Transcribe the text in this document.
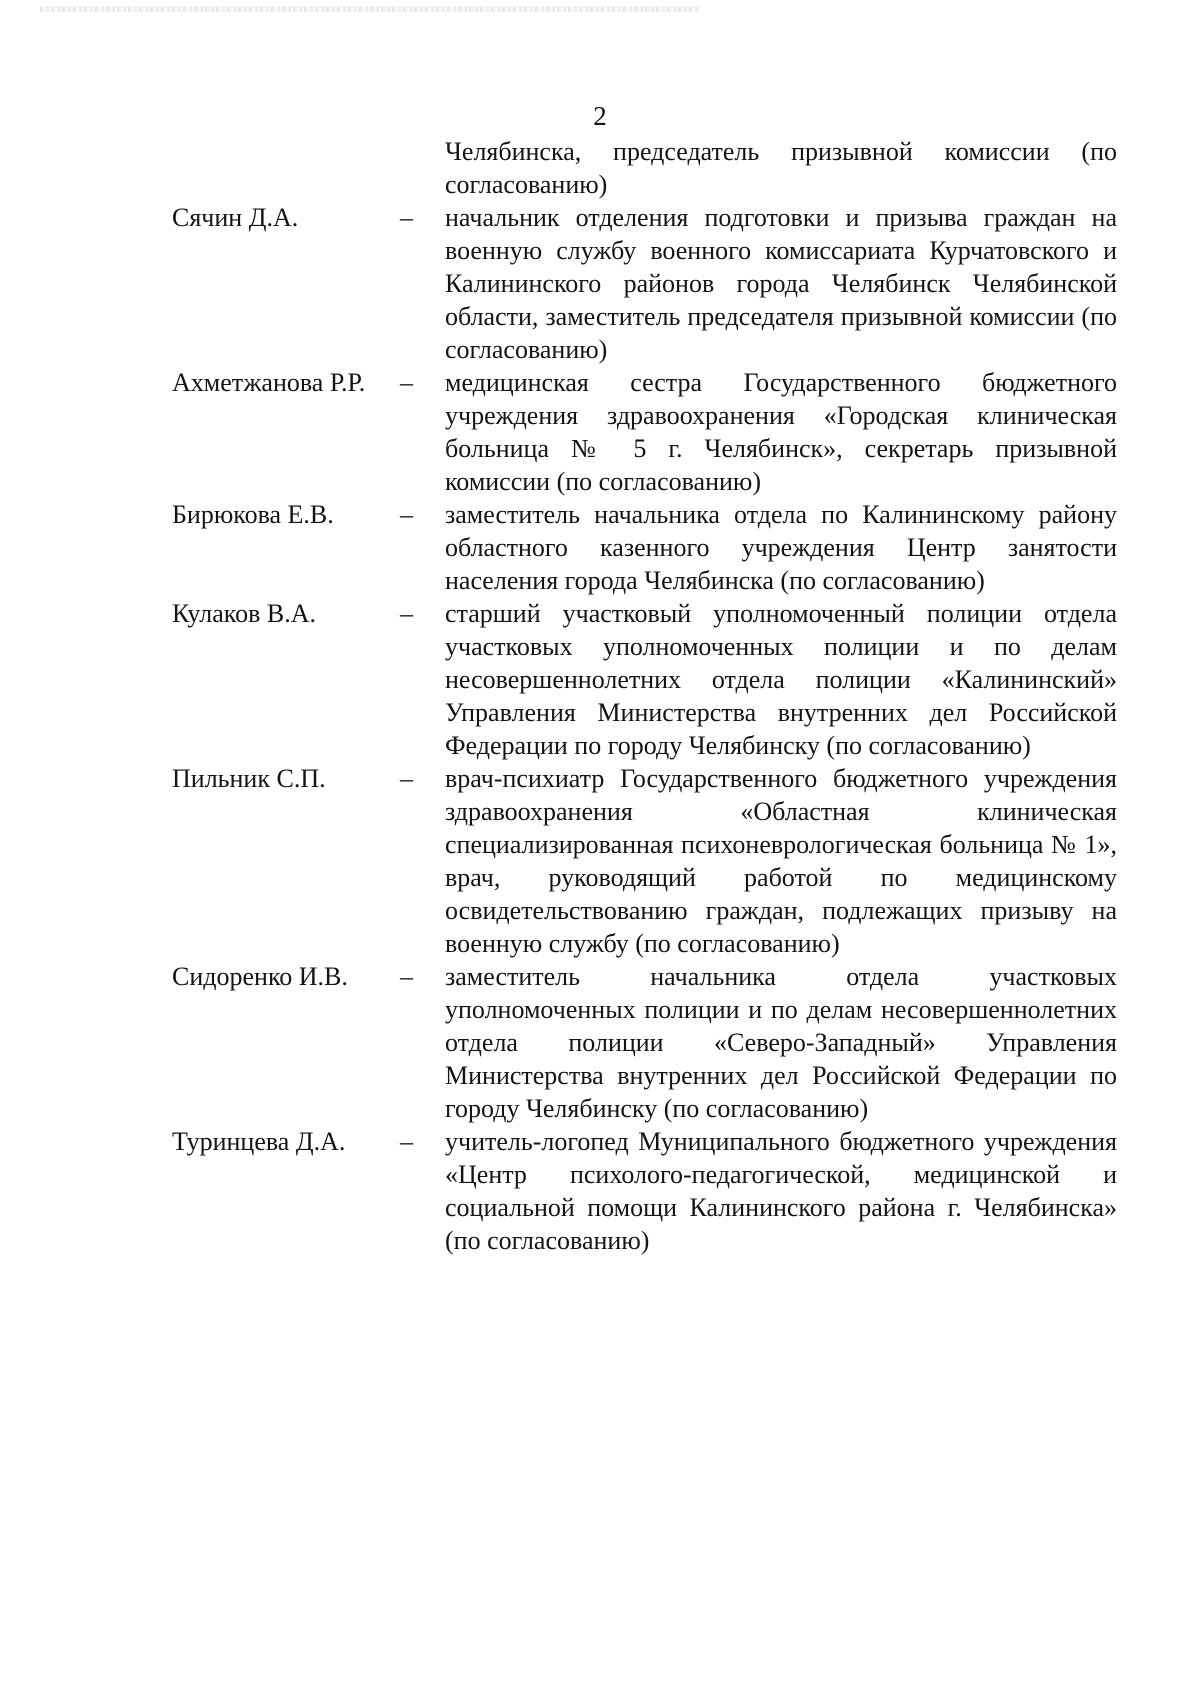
2
Челябинска, председатель призывной комиссии (по согласованию)
Сячин Д.А.	–	начальник отделения подготовки и призыва граждан на военную службу военного комиссариата Курчатовского и Калининского районов города Челябинск Челябинской области, заместитель председателя призывной комиссии (по согласованию)
Ахметжанова Р.Р.	–	медицинская сестра Государственного бюджетного учреждения здравоохранения «Городская клиническая больница № 5 г. Челябинск», секретарь призывной комиссии (по согласованию)
Бирюкова Е.В.	–	заместитель начальника отдела по Калининскому району областного казенного учреждения Центр занятости населения города Челябинска (по согласованию)
Кулаков В.А.	–	старший участковый уполномоченный полиции отдела участковых уполномоченных полиции и по делам несовершеннолетних отдела полиции «Калининский» Управления Министерства внутренних дел Российской Федерации по городу Челябинску (по согласованию)
Пильник С.П.	–	врач-психиатр Государственного бюджетного учреждения здравоохранения «Областная клиническая специализированная психоневрологическая больница № 1», врач, руководящий работой по медицинскому освидетельствованию граждан, подлежащих призыву на военную службу (по согласованию)
Сидоренко И.В.	–	заместитель начальника отдела участковых уполномоченных полиции и по делам несовершеннолетних отдела полиции «Северо-Западный» Управления Министерства внутренних дел Российской Федерации по городу Челябинску (по согласованию)
Туринцева Д.А.	–	учитель-логопед Муниципального бюджетного учреждения «Центр психолого-педагогической, медицинской и социальной помощи Калининского района г. Челябинска» (по согласованию)
